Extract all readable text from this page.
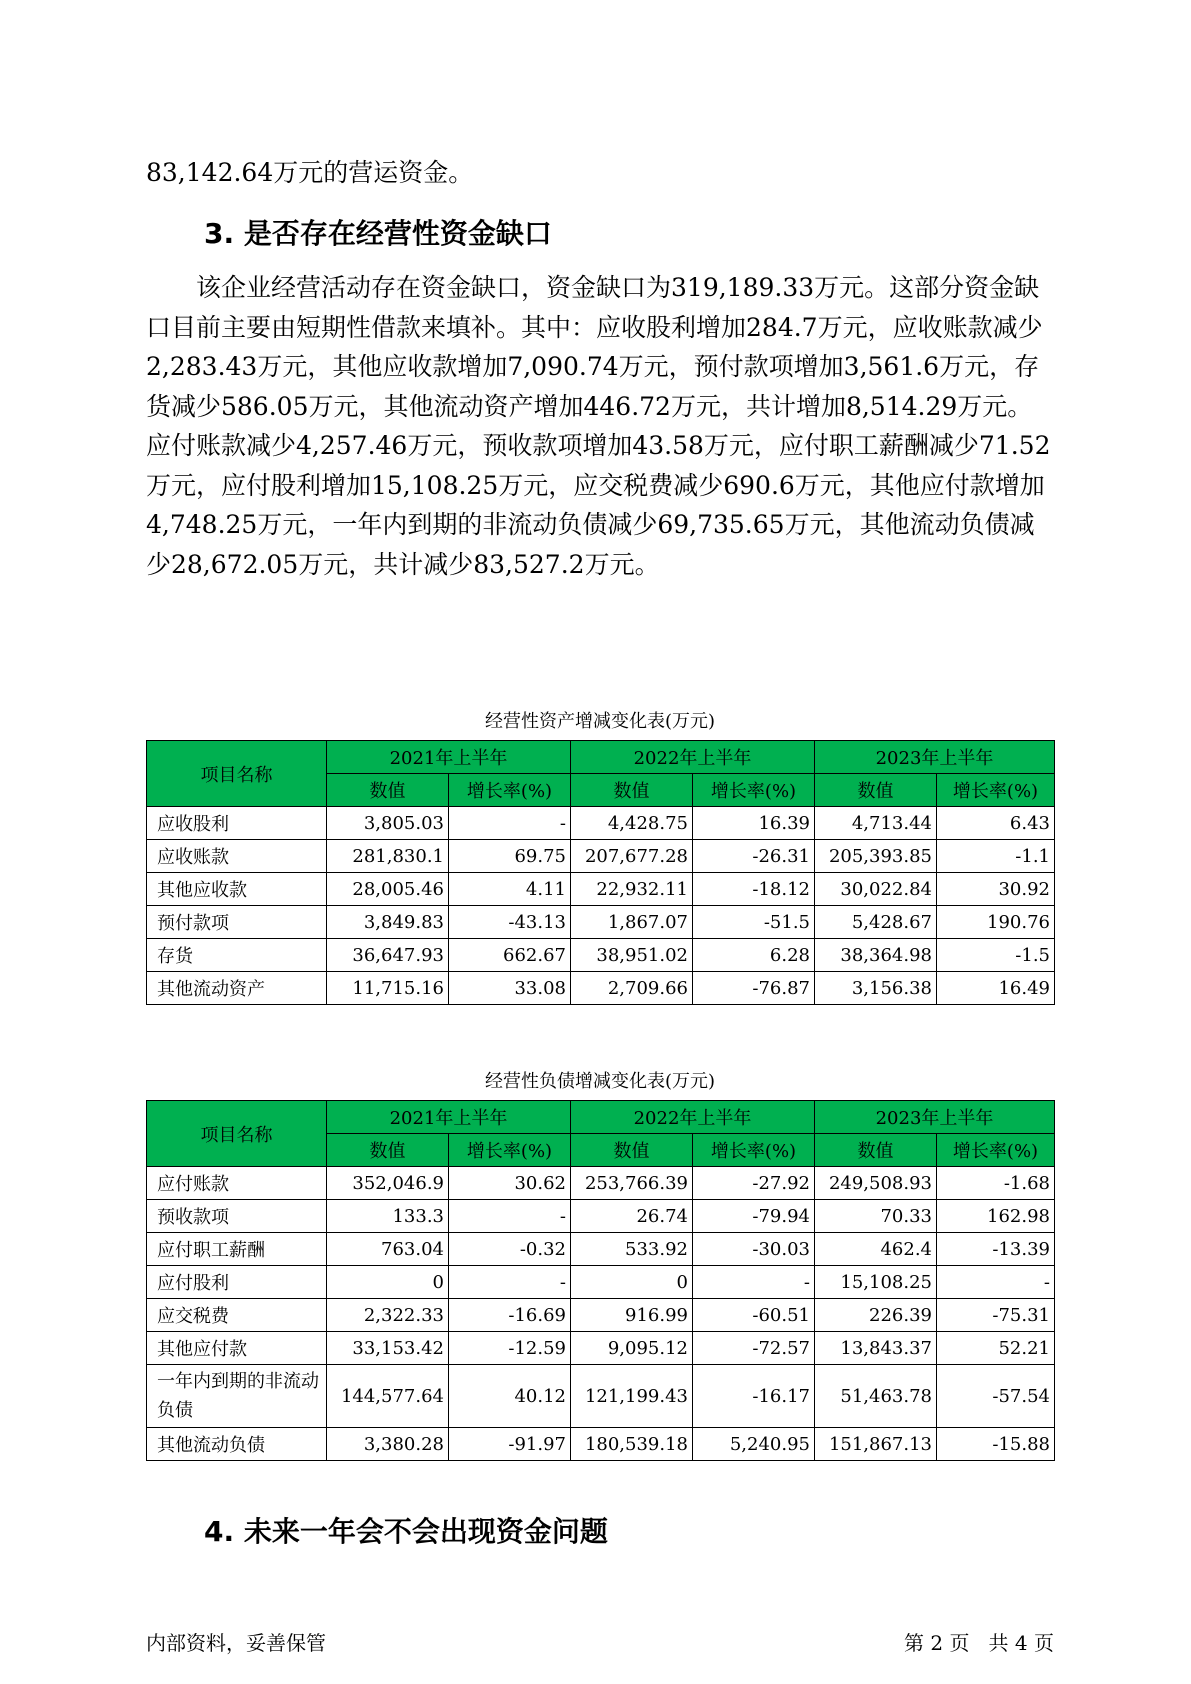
83,142.64万元的营运资金。

3. 是否存在经营性资金缺口

该企业经营活动存在资金缺口，资金缺口为319,189.33万元。这部分资金缺口目前主要由短期性借款来填补。其中：应收股利增加284.7万元，应收账款减少2,283.43万元，其他应收款增加7,090.74万元，预付款项增加3,561.6万元，存货减少586.05万元，其他流动资产增加446.72万元，共计增加8,514.29万元。应付账款减少4,257.46万元，预收款项增加43.58万元，应付职工薪酬减少71.52万元，应付股利增加15,108.25万元，应交税费减少690.6万元，其他应付款增加4,748.25万元，一年内到期的非流动负债减少69,735.65万元，其他流动负债减少28,672.05万元，共计减少83,527.2万元。

经营性资产增减变化表(万元)
项目名称	2021年上半年		2022年上半年		2023年上半年	
	数值	增长率(%)	数值	增长率(%)	数值	增长率(%)
应收股利	3,805.03	-	4,428.75	16.39	4,713.44	6.43
应收账款	281,830.1	69.75	207,677.28	-26.31	205,393.85	-1.1
其他应收款	28,005.46	4.11	22,932.11	-18.12	30,022.84	30.92
预付款项	3,849.83	-43.13	1,867.07	-51.5	5,428.67	190.76
存货	36,647.93	662.67	38,951.02	6.28	38,364.98	-1.5
其他流动资产	11,715.16	33.08	2,709.66	-76.87	3,156.38	16.49
经营性负债增减变化表(万元)
项目名称	2021年上半年		2022年上半年		2023年上半年	
	数值	增长率(%)	数值	增长率(%)	数值	增长率(%)
应付账款	352,046.9	30.62	253,766.39	-27.92	249,508.93	-1.68
预收款项	133.3	-	26.74	-79.94	70.33	162.98
应付职工薪酬	763.04	-0.32	533.92	-30.03	462.4	-13.39
应付股利	0	-	0	-	15,108.25	-
应交税费	2,322.33	-16.69	916.99	-60.51	226.39	-75.31
其他应付款	33,153.42	-12.59	9,095.12	-72.57	13,843.37	52.21
一年内到期的非流动负债	144,577.64	40.12	121,199.43	-16.17	51,463.78	-57.54
其他流动负债	3,380.28	-91.97	180,539.18	5,240.95	151,867.13	-15.88
4. 未来一年会不会出现资金问题
内部资料，妥善保管	第 2 页   共 4 页
